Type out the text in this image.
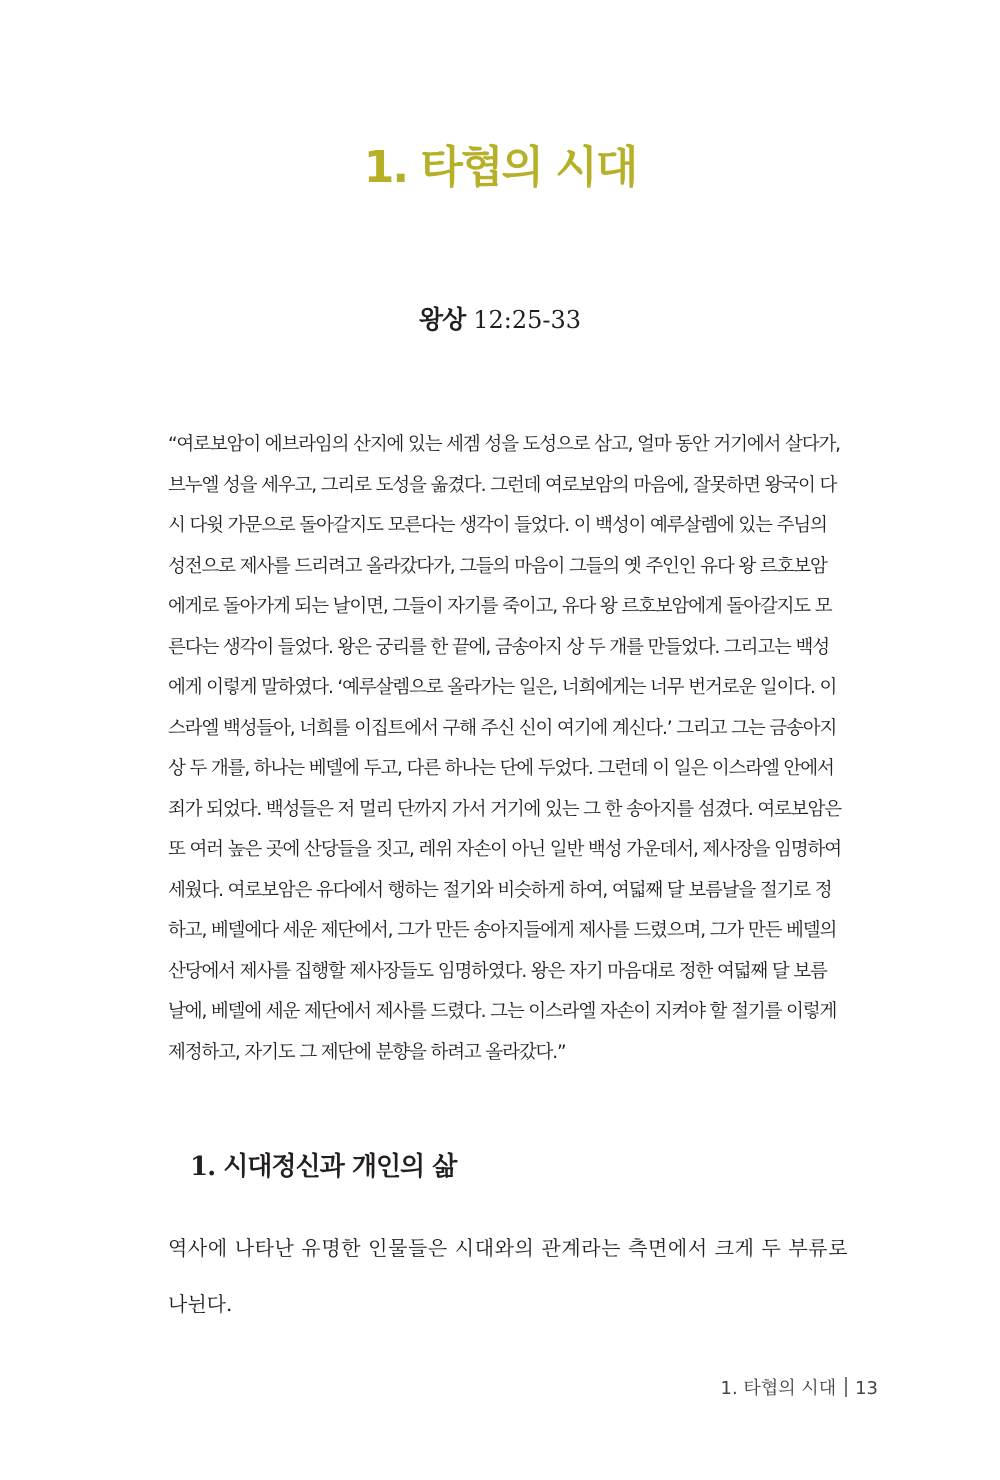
1. 타협의 시대

왕상 12:25-33

“여로보암이 에브라임의 산지에 있는 세겜 성을 도성으로 삼고, 얼마 동안 거기에서 살다가,
브누엘 성을 세우고, 그리로 도성을 옮겼다. 그런데 여로보암의 마음에, 잘못하면 왕국이 다
시 다윗 가문으로 돌아갈지도 모른다는 생각이 들었다. 이 백성이 예루살렘에 있는 주님의
성전으로 제사를 드리려고 올라갔다가, 그들의 마음이 그들의 옛 주인인 유다 왕 르호보암
에게로 돌아가게 되는 날이면, 그들이 자기를 죽이고, 유다 왕 르호보암에게 돌아갈지도 모
른다는 생각이 들었다. 왕은 궁리를 한 끝에, 금송아지 상 두 개를 만들었다. 그리고는 백성
에게 이렇게 말하였다. ‘예루살렘으로 올라가는 일은, 너희에게는 너무 번거로운 일이다. 이
스라엘 백성들아, 너희를 이집트에서 구해 주신 신이 여기에 계신다.’ 그리고 그는 금송아지
상 두 개를, 하나는 베델에 두고, 다른 하나는 단에 두었다. 그런데 이 일은 이스라엘 안에서
죄가 되었다. 백성들은 저 멀리 단까지 가서 거기에 있는 그 한 송아지를 섬겼다. 여로보암은
또 여러 높은 곳에 산당들을 짓고, 레위 자손이 아닌 일반 백성 가운데서, 제사장을 임명하여
세웠다. 여로보암은 유다에서 행하는 절기와 비슷하게 하여, 여덟째 달 보름날을 절기로 정
하고, 베델에다 세운 제단에서, 그가 만든 송아지들에게 제사를 드렸으며, 그가 만든 베델의
산당에서 제사를 집행할 제사장들도 임명하였다. 왕은 자기 마음대로 정한 여덟째 달 보름
날에, 베델에 세운 제단에서 제사를 드렸다. 그는 이스라엘 자손이 지켜야 할 절기를 이렇게
제정하고, 자기도 그 제단에 분향을 하려고 올라갔다.”
1. 시대정신과 개인의 삶
역사에 나타난 유명한 인물들은 시대와의 관계라는 측면에서 크게 두 부류로
나뉜다.
1. 타협의 시대 13
